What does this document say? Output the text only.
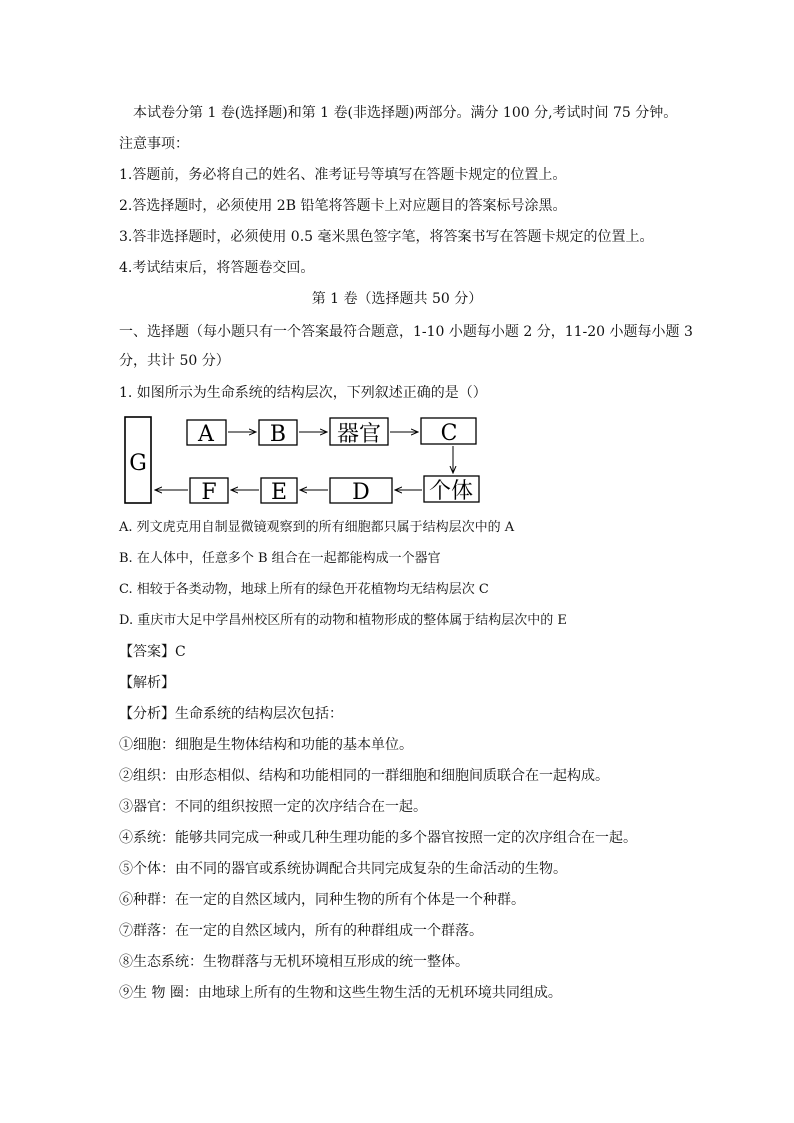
本试卷分第 1 卷(选择题)和第 1 卷(非选择题)两部分。满分 100 分,考试时间 75 分钟。
注意事项：
1.答题前，务必将自己的姓名、准考证号等填写在答题卡规定的位置上。
2.答选择题时，必须使用 2B 铅笔将答题卡上对应题目的答案标号涂黑。
3.答非选择题时，必须使用 0.5 毫米黑色签字笔，将答案书写在答题卡规定的位置上。
4.考试结束后，将答题卷交回。
第 1 卷（选择题共 50 分）
一、选择题（每小题只有一个答案最符合题意，1-10 小题每小题 2 分，11-20 小题每小题 3
分，共计 50 分）
1. 如图所示为生命系统的结构层次，下列叙述正确的是（）
G
A	B 器官	C
个体
D
E
F
A. 列文虎克用自制显微镜观察到的所有细胞都只属于结构层次中的 A
B. 在人体中，任意多个 B 组合在一起都能构成一个器官
C. 相较于各类动物，地球上所有的绿色开花植物均无结构层次 C
D. 重庆市大足中学昌州校区所有的动物和植物形成的整体属于结构层次中的 E
【答案】C
【解析】
【分析】生命系统的结构层次包括：
①细胞：细胞是生物体结构和功能的基本单位。
②组织：由形态相似、结构和功能相同的一群细胞和细胞间质联合在一起构成。
③器官：不同的组织按照一定的次序结合在一起。
④系统：能够共同完成一种或几种生理功能的多个器官按照一定的次序组合在一起。
⑤个体：由不同的器官或系统协调配合共同完成复杂的生命活动的生物。
⑥种群：在一定的自然区域内，同种生物的所有个体是一个种群。
⑦群落：在一定的自然区域内，所有的种群组成一个群落。
⑧生态系统：生物群落与无机环境相互形成的统一整体。
⑨生 物 圈：由地球上所有的生物和这些生物生活的无机环境共同组成。
